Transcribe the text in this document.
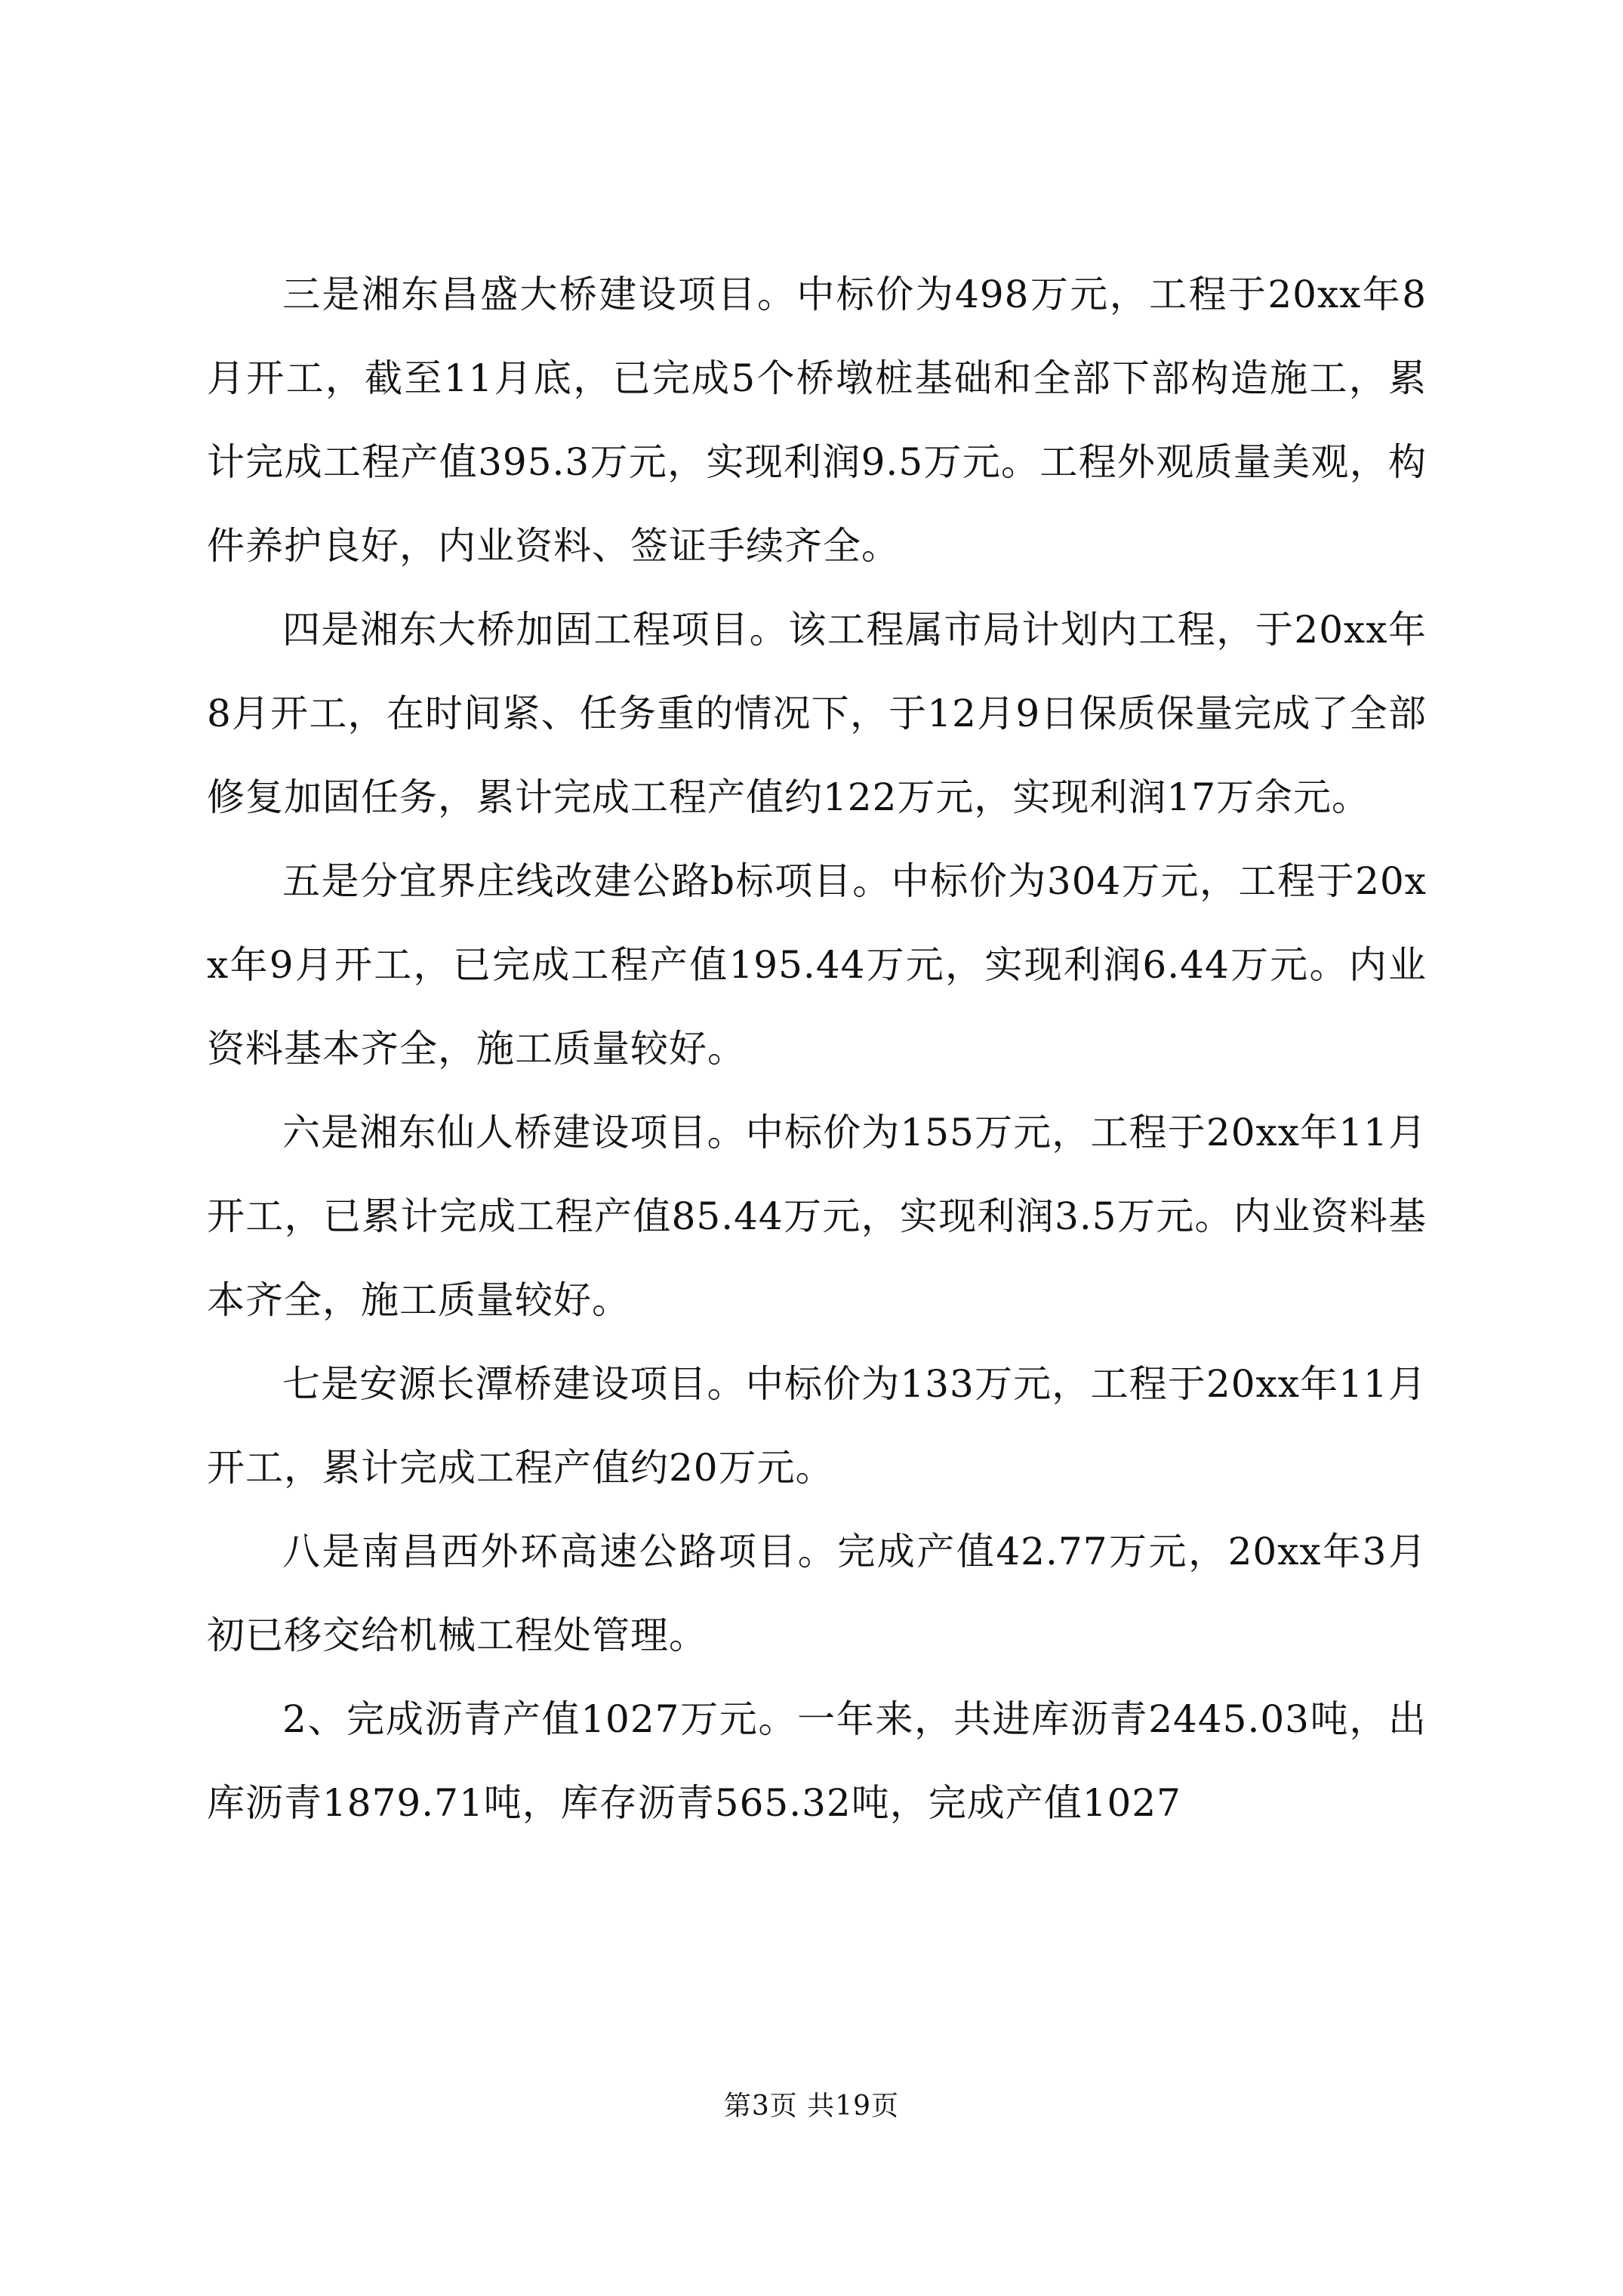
三是湘东昌盛大桥建设项目。中标价为498万元，工程于20xx年8月开工，截至11月底，已完成5个桥墩桩基础和全部下部构造施工，累计完成工程产值395.3万元，实现利润9.5万元。工程外观质量美观，构件养护良好，内业资料、签证手续齐全。

四是湘东大桥加固工程项目。该工程属市局计划内工程，于20xx年8月开工，在时间紧、任务重的情况下，于12月9日保质保量完成了全部修复加固任务，累计完成工程产值约122万元，实现利润17万余元。

五是分宜界庄线改建公路b标项目。中标价为304万元，工程于20xx年9月开工，已完成工程产值195.44万元，实现利润6.44万元。内业资料基本齐全，施工质量较好。

六是湘东仙人桥建设项目。中标价为155万元，工程于20xx年11月开工，已累计完成工程产值85.44万元，实现利润3.5万元。内业资料基本齐全，施工质量较好。

七是安源长潭桥建设项目。中标价为133万元，工程于20xx年11月开工，累计完成工程产值约20万元。

八是南昌西外环高速公路项目。完成产值42.77万元，20xx年3月初已移交给机械工程处管理。

2、完成沥青产值1027万元。一年来，共进库沥青2445.03吨，出库沥青1879.71吨，库存沥青565.32吨，完成产值1027

第3页 共19页
